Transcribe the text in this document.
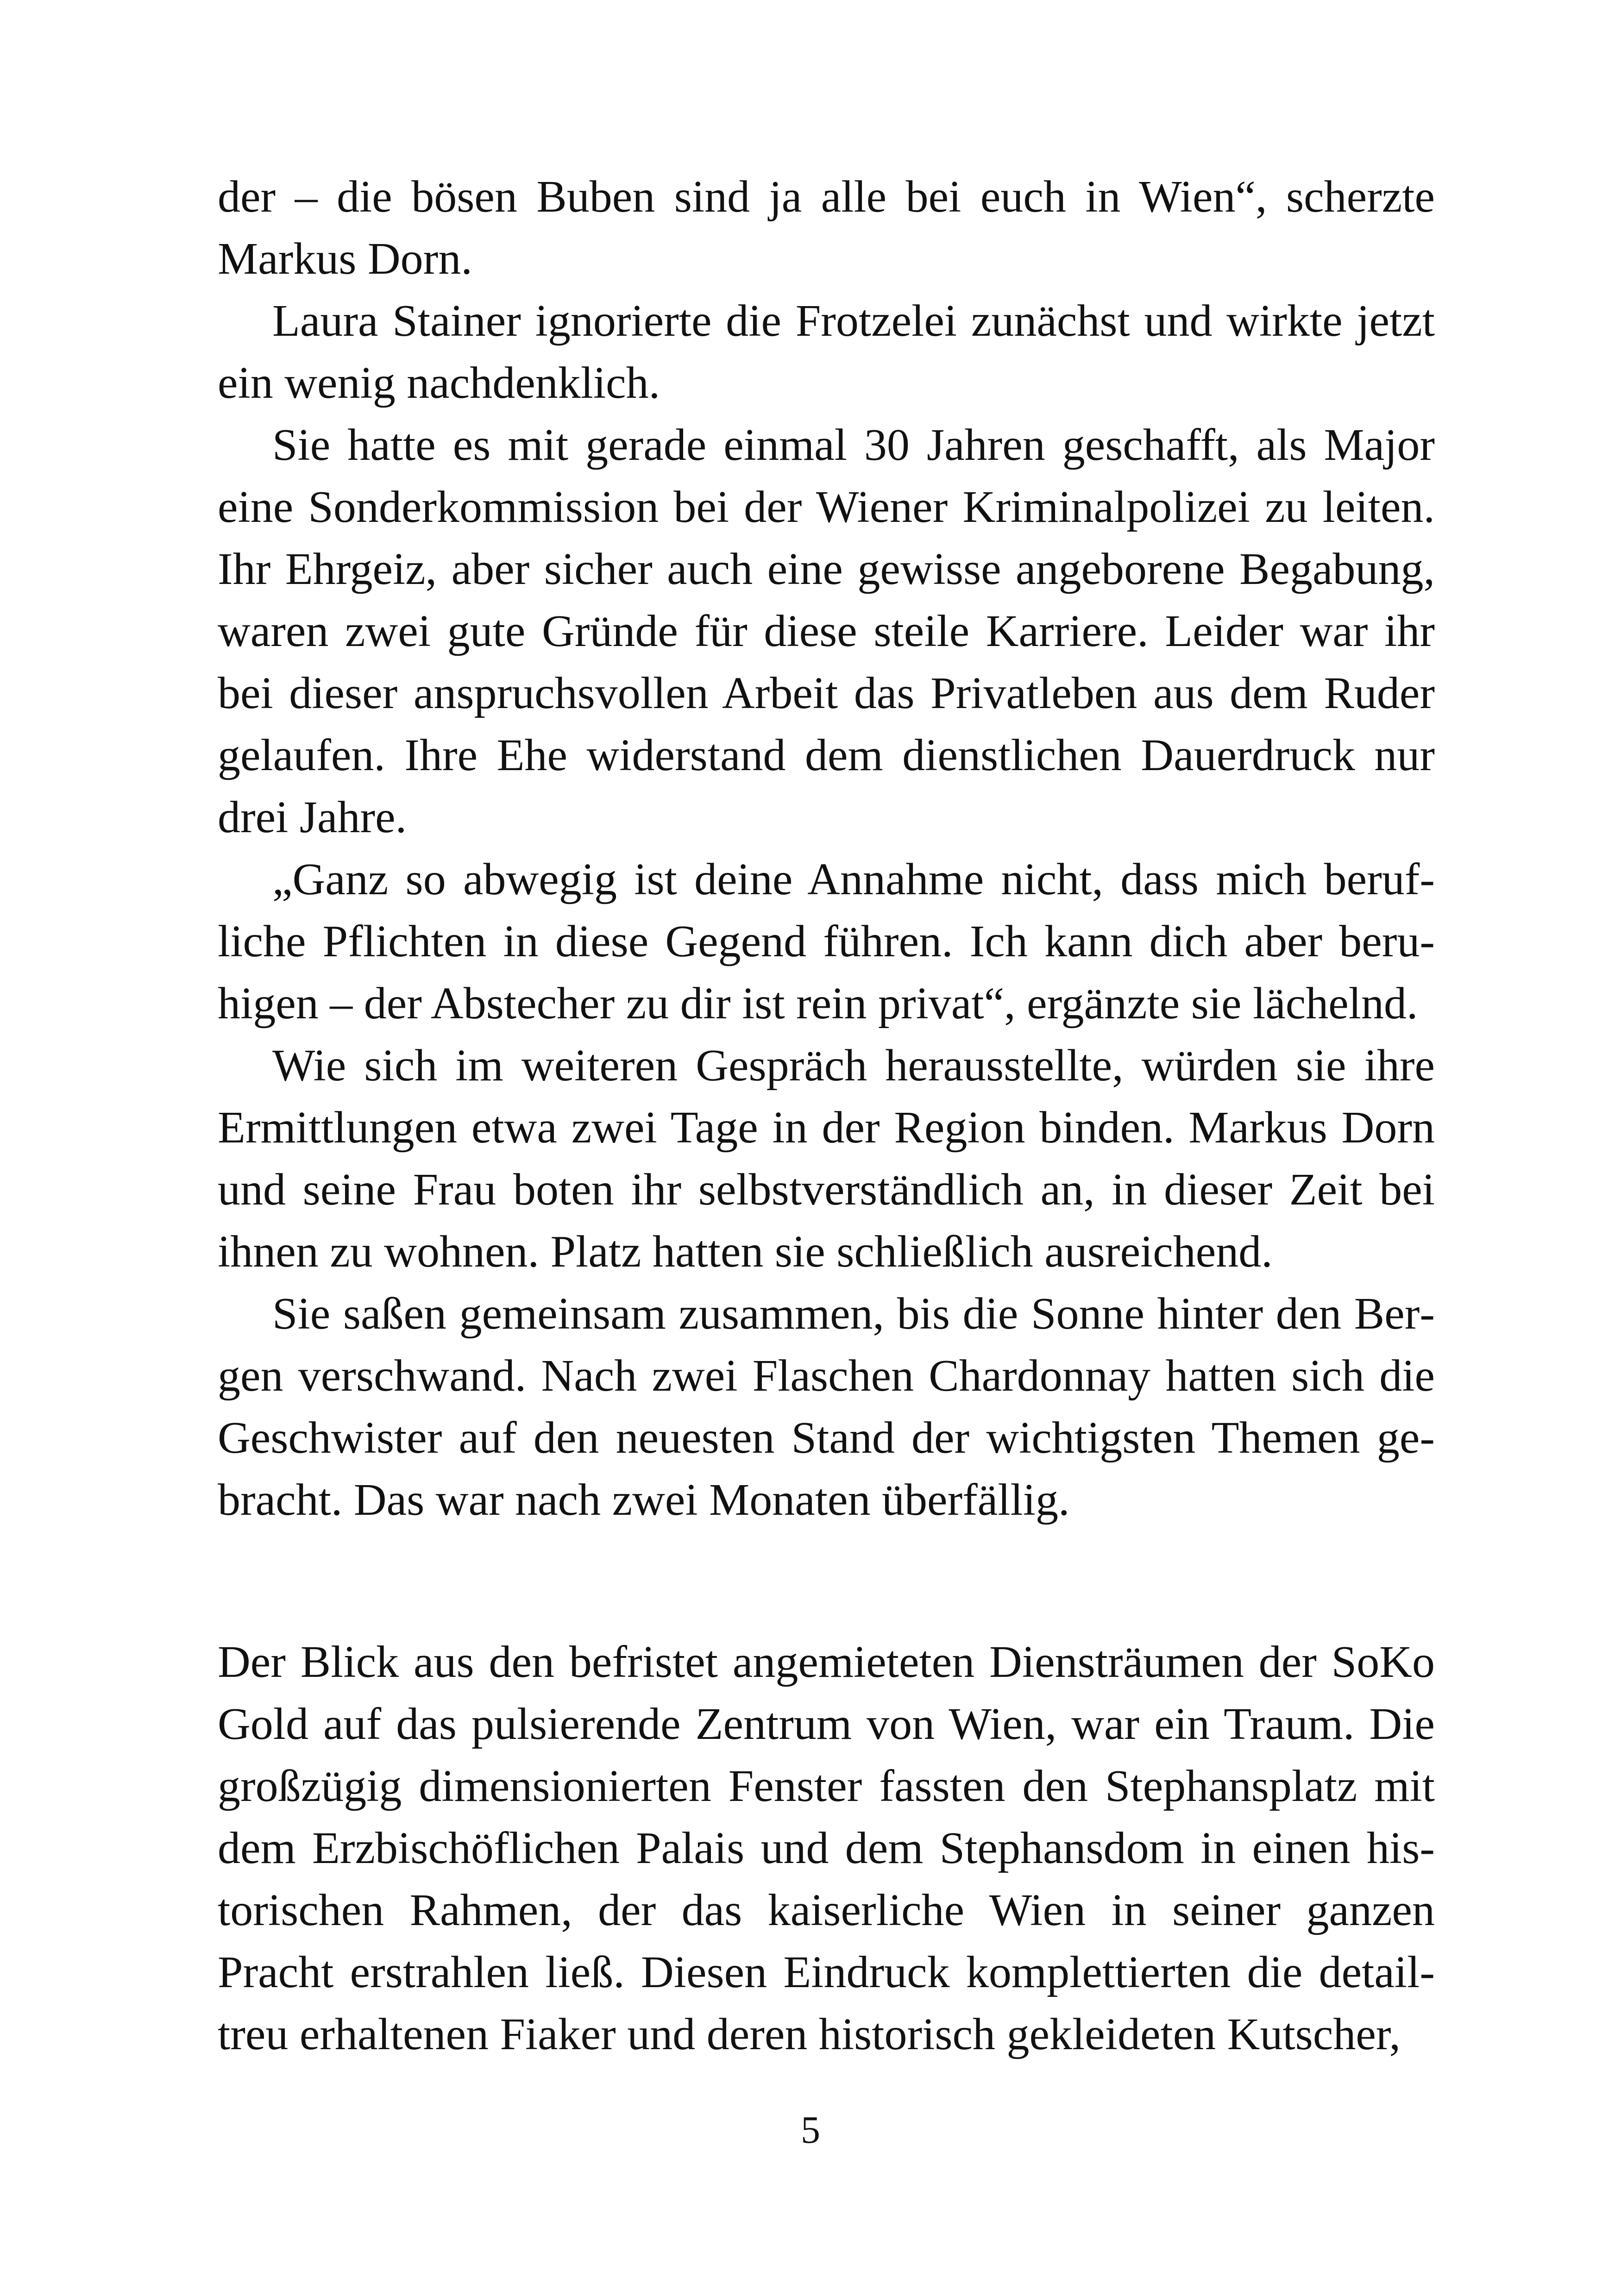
der – die bösen Buben sind ja alle bei euch in Wien“, scherzte Markus Dorn.

Laura Stainer ignorierte die Frotzelei zunächst und wirkte jetzt ein wenig nachdenklich.

Sie hatte es mit gerade einmal 30 Jahren geschafft, als Major eine Sonderkommission bei der Wiener Kriminalpolizei zu leiten. Ihr Ehrgeiz, aber sicher auch eine gewisse angeborene Begabung, waren zwei gute Gründe für diese steile Karriere. Leider war ihr bei dieser anspruchsvollen Arbeit das Privatleben aus dem Ruder gelaufen. Ihre Ehe widerstand dem dienstlichen Dauerdruck nur drei Jahre.

„Ganz so abwegig ist deine Annahme nicht, dass mich berufliche Pflichten in diese Gegend führen. Ich kann dich aber beruhigen – der Abstecher zu dir ist rein privat“, ergänzte sie lächelnd.

Wie sich im weiteren Gespräch herausstellte, würden sie ihre Ermittlungen etwa zwei Tage in der Region binden. Markus Dorn und seine Frau boten ihr selbstverständlich an, in dieser Zeit bei ihnen zu wohnen. Platz hatten sie schließlich ausreichend.

Sie saßen gemeinsam zusammen, bis die Sonne hinter den Bergen verschwand. Nach zwei Flaschen Chardonnay hatten sich die Geschwister auf den neuesten Stand der wichtigsten Themen gebracht. Das war nach zwei Monaten überfällig.

Der Blick aus den befristet angemieteten Diensträumen der SoKo Gold auf das pulsierende Zentrum von Wien, war ein Traum. Die großzügig dimensionierten Fenster fassten den Stephansplatz mit dem Erzbischöflichen Palais und dem Stephansdom in einen historischen Rahmen, der das kaiserliche Wien in seiner ganzen Pracht erstrahlen ließ. Diesen Eindruck komplettierten die detailtreu erhaltenen Fiaker und deren historisch gekleideten Kutscher,

5
